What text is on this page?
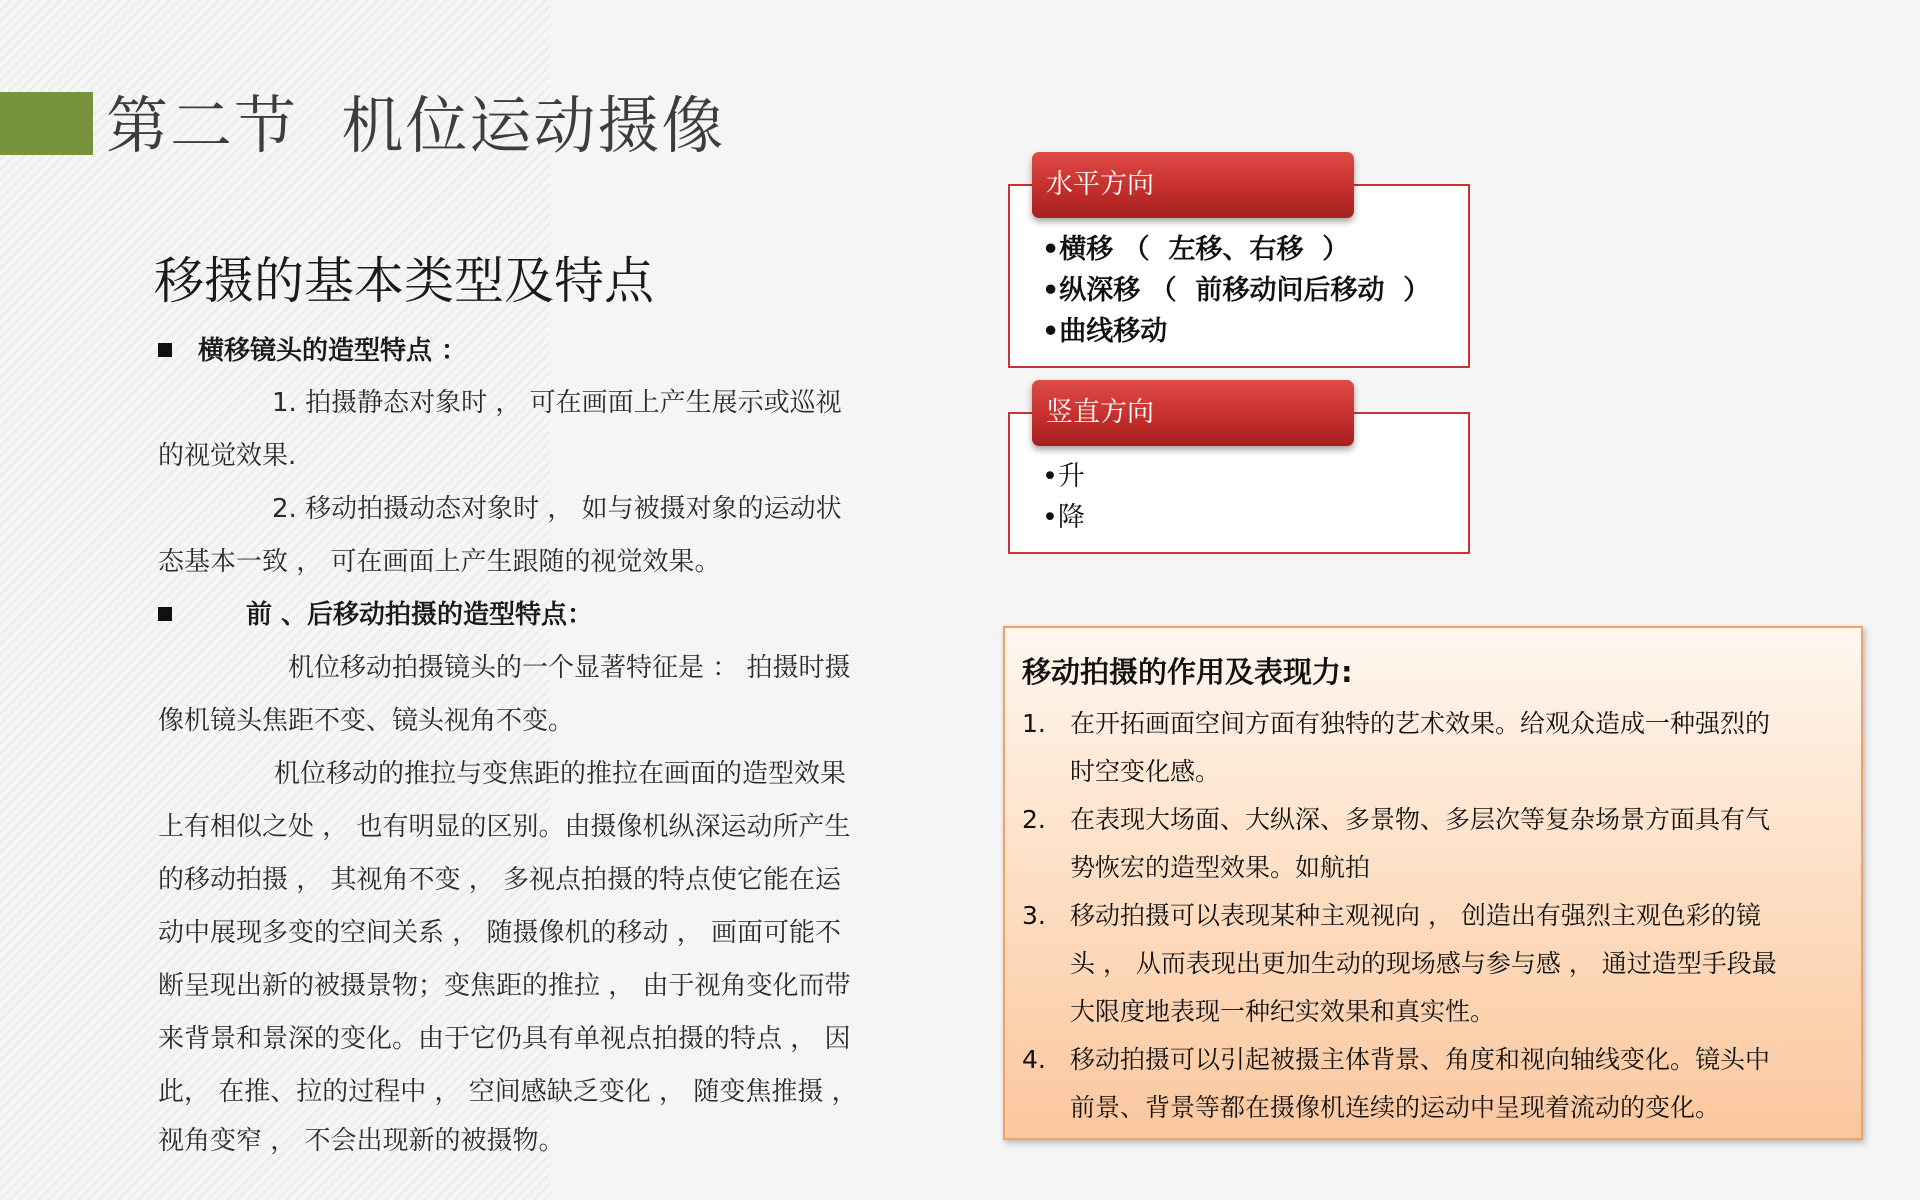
第二节  机位运动摄像
移摄的基本类型及特点
横移镜头的造型特点 ：
1. 拍摄静态对象时 ， 可在画面上产生展示或巡视
的视觉效果.
2. 移动拍摄动态对象时 ， 如与被摄对象的运动状
态基本一致 ， 可在画面上产生跟随的视觉效果。
前 、后移动拍摄的造型特点：
机位移动拍摄镜头的一个显著特征是 ： 拍摄时摄
像机镜头焦距不变、镜头视角不变。
机位移动的推拉与变焦距的推拉在画面的造型效果
上有相似之处 ， 也有明显的区别。由摄像机纵深运动所产生
的移动拍摄 ， 其视角不变 ， 多视点拍摄的特点使它能在运
动中展现多变的空间关系 ， 随摄像机的移动 ， 画面可能不
断呈现出新的被摄景物；变焦距的推拉 ， 由于视角变化而带
来背景和景深的变化。由于它仍具有单视点拍摄的特点 ， 因
此， 在推、拉的过程中 ， 空间感缺乏变化 ， 随变焦推摄 ，
视角变窄 ， 不会出现新的被摄物。
水平方向
•横移 （  左移、右移  ）
•纵深移 （  前移动问后移动  ）
•曲线移动
竖直方向
•升
•降
移动拍摄的作用及表现力:
1. 在开拓画面空间方面有独特的艺术效果。给观众造成一种强烈的
时空变化感。
2. 在表现大场面、大纵深、多景物、多层次等复杂场景方面具有气
势恢宏的造型效果。如航拍
3. 移动拍摄可以表现某种主观视向 ， 创造出有强烈主观色彩的镜
头 ， 从而表现出更加生动的现场感与参与感 ， 通过造型手段最
大限度地表现一种纪实效果和真实性。
4. 移动拍摄可以引起被摄主体背景、角度和视向轴线变化。镜头中
前景、背景等都在摄像机连续的运动中呈现着流动的变化。
